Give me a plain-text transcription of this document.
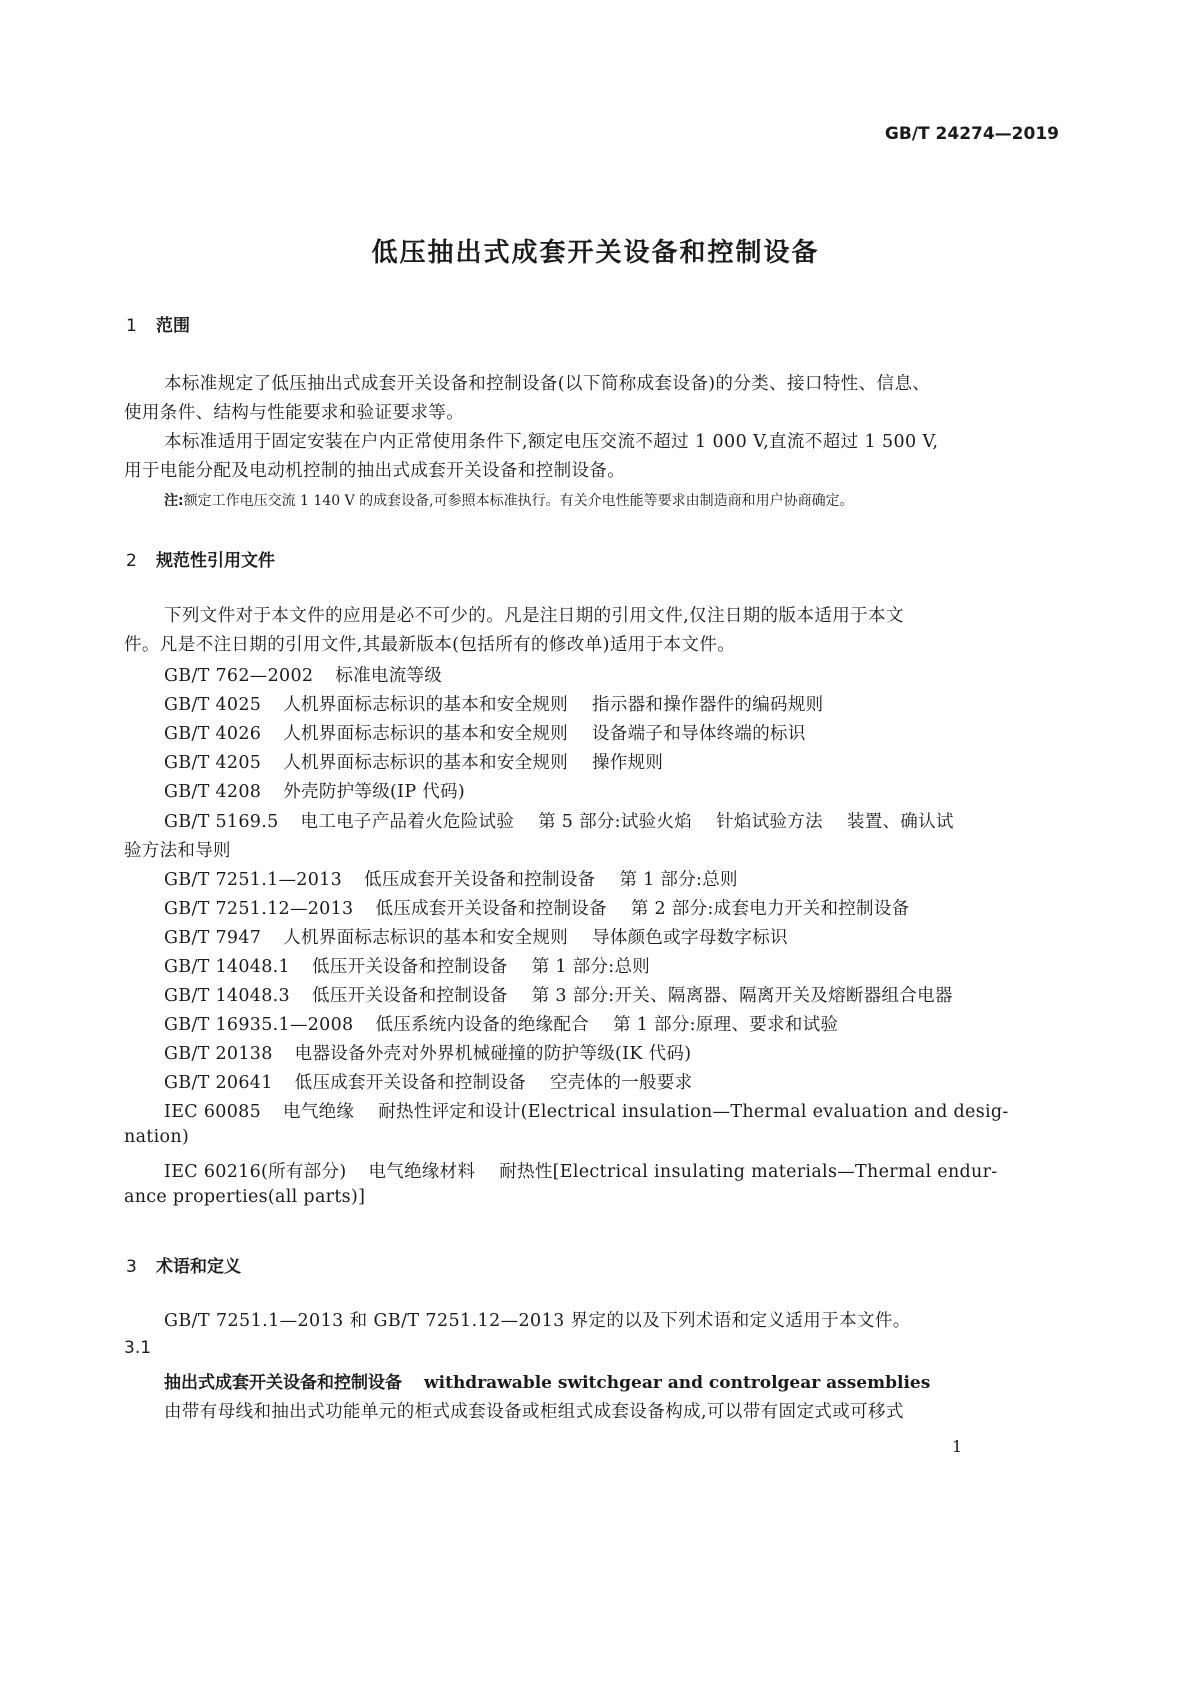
GB/T 24274—2019
低压抽出式成套开关设备和控制设备
1 范围
本标准规定了低压抽出式成套开关设备和控制设备(以下简称成套设备)的分类、接口特性、信息、
使用条件、结构与性能要求和验证要求等。
本标准适用于固定安装在户内正常使用条件下,额定电压交流不超过 1 000 V,直流不超过 1 500 V,
用于电能分配及电动机控制的抽出式成套开关设备和控制设备。
注:额定工作电压交流 1 140 V 的成套设备,可参照本标准执行。有关介电性能等要求由制造商和用户协商确定。
2 规范性引用文件
下列文件对于本文件的应用是必不可少的。凡是注日期的引用文件,仅注日期的版本适用于本文
件。凡是不注日期的引用文件,其最新版本(包括所有的修改单)适用于本文件。
GB/T 762—2002 标准电流等级
GB/T 4025 人机界面标志标识的基本和安全规则 指示器和操作器件的编码规则
GB/T 4026 人机界面标志标识的基本和安全规则 设备端子和导体终端的标识
GB/T 4205 人机界面标志标识的基本和安全规则 操作规则
GB/T 4208 外壳防护等级(IP 代码)
GB/T 5169.5 电工电子产品着火危险试验 第 5 部分:试验火焰 针焰试验方法 装置、确认试
验方法和导则
GB/T 7251.1—2013 低压成套开关设备和控制设备 第 1 部分:总则
GB/T 7251.12—2013 低压成套开关设备和控制设备 第 2 部分:成套电力开关和控制设备
GB/T 7947 人机界面标志标识的基本和安全规则 导体颜色或字母数字标识
GB/T 14048.1 低压开关设备和控制设备 第 1 部分:总则
GB/T 14048.3 低压开关设备和控制设备 第 3 部分:开关、隔离器、隔离开关及熔断器组合电器
GB/T 16935.1—2008 低压系统内设备的绝缘配合 第 1 部分:原理、要求和试验
GB/T 20138 电器设备外壳对外界机械碰撞的防护等级(IK 代码)
GB/T 20641 低压成套开关设备和控制设备 空壳体的一般要求
IEC 60085 电气绝缘 耐热性评定和设计(Electrical insulation—Thermal evaluation and desig-
nation)
IEC 60216(所有部分) 电气绝缘材料 耐热性[Electrical insulating materials—Thermal endur-
ance properties(all parts)]
3 术语和定义
GB/T 7251.1—2013 和 GB/T 7251.12—2013 界定的以及下列术语和定义适用于本文件。
3.1
抽出式成套开关设备和控制设备 withdrawable switchgear and controlgear assemblies
由带有母线和抽出式功能单元的柜式成套设备或柜组式成套设备构成,可以带有固定式或可移式
1
